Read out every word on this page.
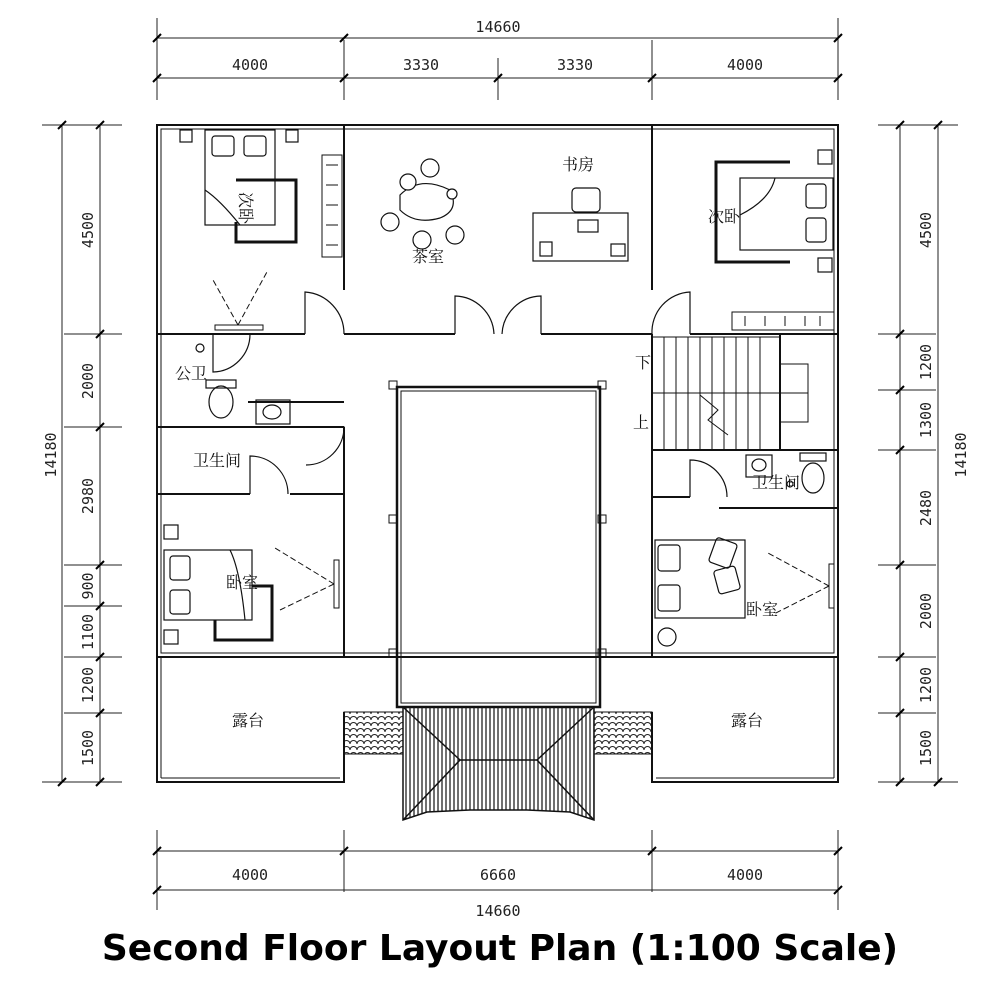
14660
4000	3330	3330	4000
4000	6660	4000
14660
14180
4500
2000
2980
900
1100
1200
1500
14180
4500
1200
1300
2480
2000
1200
1500
下
上
次卧
茶室
书房
次卧
公卫
卫生间
卫生间
卧室
卧室
露台	露台
Second Floor Layout Plan (1:100 Scale)
